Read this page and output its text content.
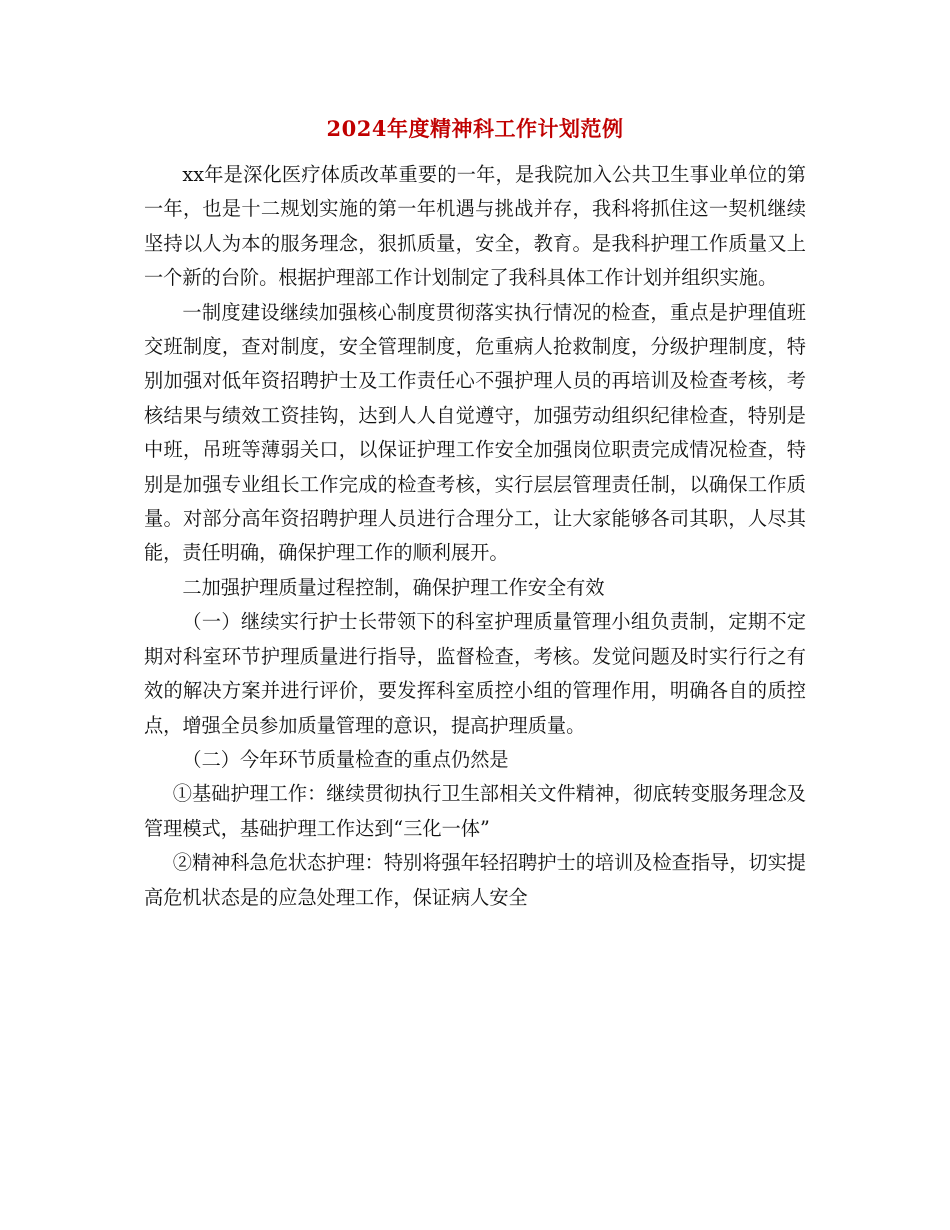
2024年度精神科工作计划范例

xx年是深化医疗体质改革重要的一年，是我院加入公共卫生事业单位的第一年，也是十二规划实施的第一年机遇与挑战并存，我科将抓住这一契机继续坚持以人为本的服务理念，狠抓质量，安全，教育。是我科护理工作质量又上一个新的台阶。根据护理部工作计划制定了我科具体工作计划并组织实施。

一制度建设继续加强核心制度贯彻落实执行情况的检查，重点是护理值班交班制度，查对制度，安全管理制度，危重病人抢救制度，分级护理制度，特别加强对低年资招聘护士及工作责任心不强护理人员的再培训及检查考核，考核结果与绩效工资挂钩，达到人人自觉遵守，加强劳动组织纪律检查，特别是中班，吊班等薄弱关口，以保证护理工作安全加强岗位职责完成情况检查，特别是加强专业组长工作完成的检查考核，实行层层管理责任制，以确保工作质量。对部分高年资招聘护理人员进行合理分工，让大家能够各司其职，人尽其能，责任明确，确保护理工作的顺利展开。

二加强护理质量过程控制，确保护理工作安全有效

（一）继续实行护士长带领下的科室护理质量管理小组负责制，定期不定期对科室环节护理质量进行指导，监督检查，考核。发觉问题及时实行行之有效的解决方案并进行评价，要发挥科室质控小组的管理作用，明确各自的质控点，增强全员参加质量管理的意识，提高护理质量。

（二）今年环节质量检查的重点仍然是

①基础护理工作：继续贯彻执行卫生部相关文件精神，彻底转变服务理念及管理模式，基础护理工作达到“三化一体”

②精神科急危状态护理：特别将强年轻招聘护士的培训及检查指导，切实提高危机状态是的应急处理工作，保证病人安全
